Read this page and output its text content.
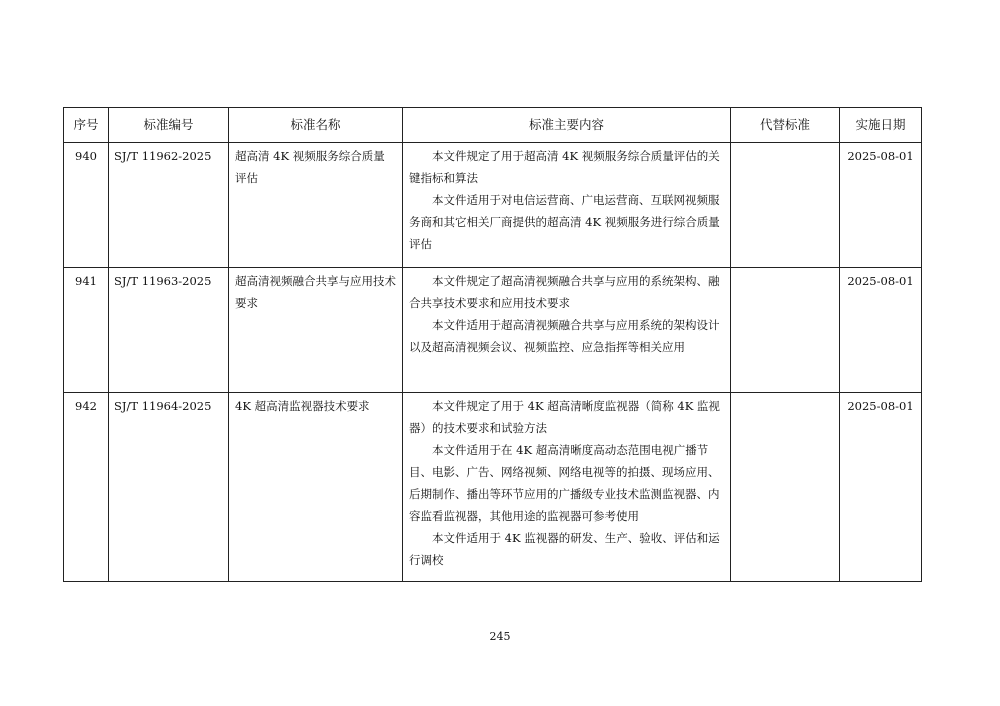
序号	标准编号	标准名称	标准主要内容	代替标准	实施日期
940	SJ/T 11962-2025	超高清 4K 视频服务综合质量评估	本文件规定了用于超高清 4K 视频服务综合质量评估的关键指标和算法

本文件适用于对电信运营商、广电运营商、互联网视频服务商和其它相关厂商提供的超高清 4K 视频服务进行综合质量评估		2025-08-01
941	SJ/T 11963-2025	超高清视频融合共享与应用技术要求	本文件规定了超高清视频融合共享与应用的系统架构、融合共享技术要求和应用技术要求

本文件适用于超高清视频融合共享与应用系统的架构设计以及超高清视频会议、视频监控、应急指挥等相关应用		2025-08-01
942	SJ/T 11964-2025	4K 超高清监视器技术要求	本文件规定了用于 4K 超高清晰度监视器（简称 4K 监视器）的技术要求和试验方法

本文件适用于在 4K 超高清晰度高动态范围电视广播节目、电影、广告、网络视频、网络电视等的拍摄、现场应用、后期制作、播出等环节应用的广播级专业技术监测监视器、内容监看监视器，其他用途的监视器可参考使用

本文件适用于 4K 监视器的研发、生产、验收、评估和运行调校		2025-08-01
245
